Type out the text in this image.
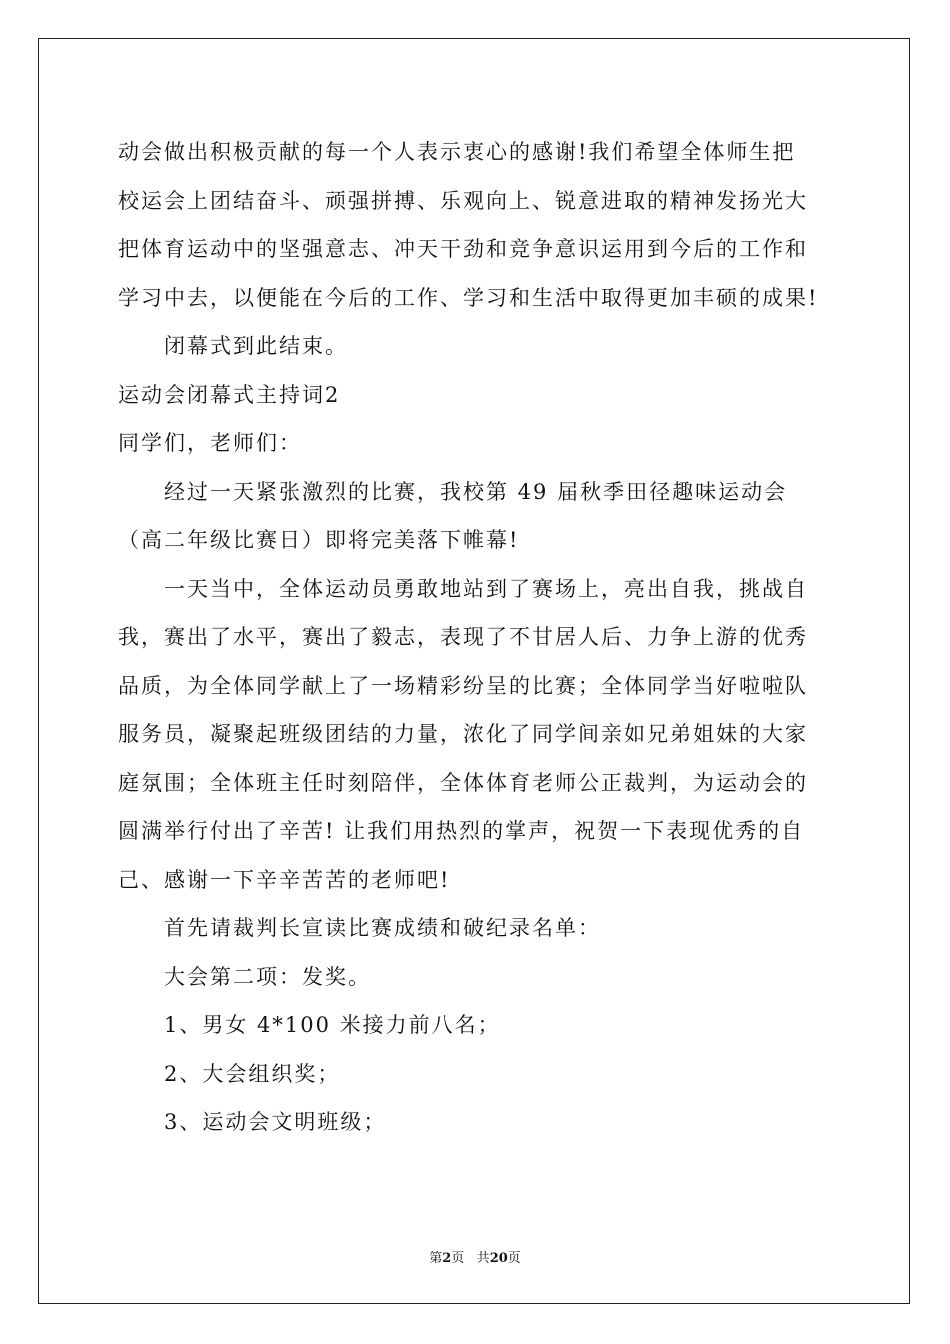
动会做出积极贡献的每一个人表示衷心的感谢!我们希望全体师生把
校运会上团结奋斗、顽强拼搏、乐观向上、锐意进取的精神发扬光大
把体育运动中的坚强意志、冲天干劲和竞争意识运用到今后的工作和
学习中去，以便能在今后的工作、学习和生活中取得更加丰硕的成果!
闭幕式到此结束。
运动会闭幕式主持词2
同学们，老师们：
经过一天紧张激烈的比赛，我校第 49 届秋季田径趣味运动会
（高二年级比赛日）即将完美落下帷幕!
一天当中，全体运动员勇敢地站到了赛场上，亮出自我，挑战自
我，赛出了水平，赛出了毅志，表现了不甘居人后、力争上游的优秀
品质，为全体同学献上了一场精彩纷呈的比赛；全体同学当好啦啦队
服务员，凝聚起班级团结的力量，浓化了同学间亲如兄弟姐妹的大家
庭氛围；全体班主任时刻陪伴，全体体育老师公正裁判，为运动会的
圆满举行付出了辛苦! 让我们用热烈的掌声，祝贺一下表现优秀的自
己、感谢一下辛辛苦苦的老师吧!
首先请裁判长宣读比赛成绩和破纪录名单：
大会第二项：发奖。
1、男女 4*100 米接力前八名；
2、大会组织奖；
3、运动会文明班级；
第2页 共20页
